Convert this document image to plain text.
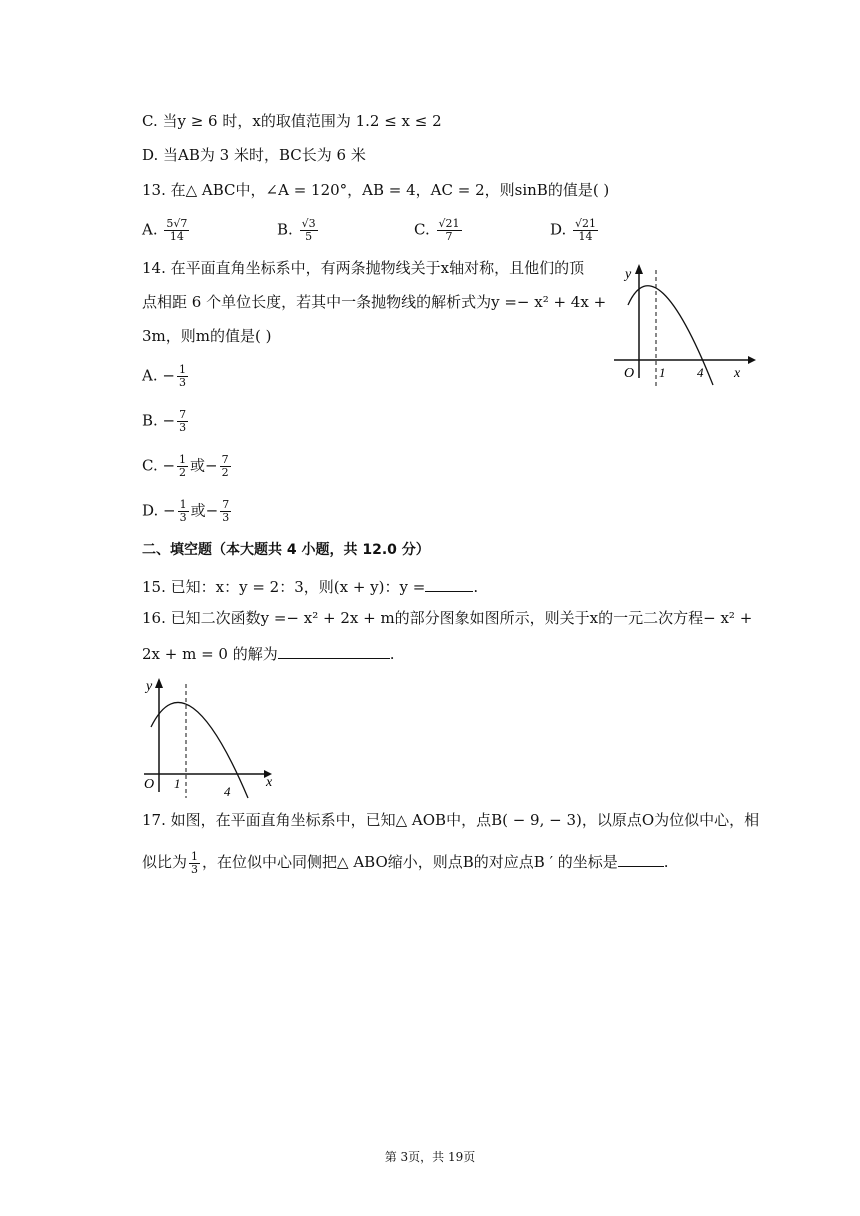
C. 当y ≥ 6 时，x的取值范围为 1.2 ≤ x ≤ 2
D. 当AB为 3 米时，BC长为 6 米
13. 在△ ABC中，∠A = 120°，AB = 4，AC = 2，则sinB的值是( )
A. $\frac{5√7}{14}$	B. $\frac{√3}{5}$	C. $\frac{√21}{7}$	D. $\frac{√21}{14}$
14. 在平面直角坐标系中，有两条抛物线关于x轴对称，且他们的顶
点相距 6 个单位长度，若其中一条抛物线的解析式为y =− x² + 4x +
3m，则m的值是( )
A. − $\frac{1}{3}$
B. − $\frac{7}{3}$
C. − $\frac{1}{2}$ 或− $\frac{7}{2}$
D. − $\frac{1}{3}$ 或− $\frac{7}{3}$
y
x
O 1 4
二、填空题（本大题共 4 小题，共 12.0 分）
15. 已知：x：y = 2：3，则(x + y)：y =	.
16. 已知二次函数y =− x² + 2x + m的部分图象如图所示，则关于x的一元二次方程− x² +
2x + m = 0 的解为	.
y
x
O 1
4
17. 如图，在平面直角坐标系中，已知△ AOB中，点B( − 9, − 3)，以原点O为位似中心，相
似比为 $\frac{1}{3}$ ，在位似中心同侧把△ ABO缩小，则点B的对应点B ′ 的坐标是	.
第 3页，共 19页
